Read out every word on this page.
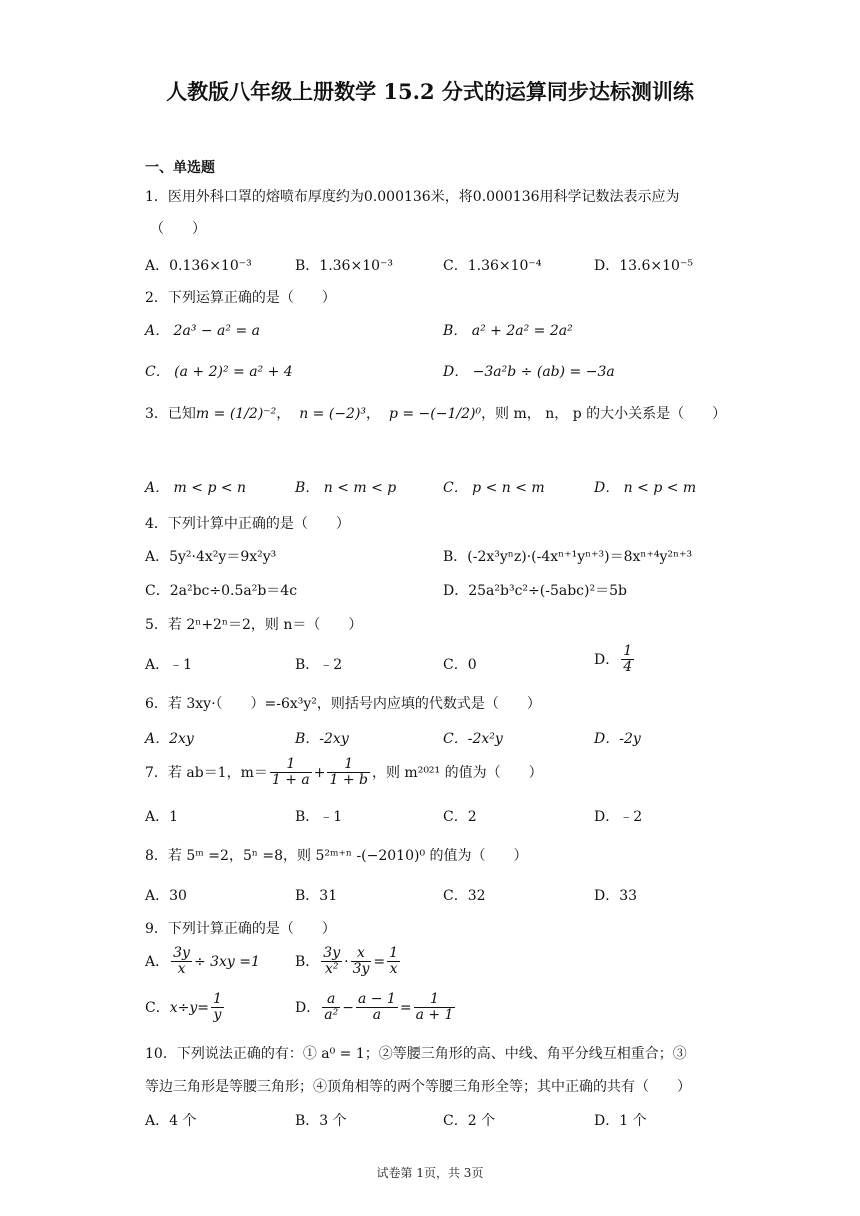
人教版八年级上册数学 15.2 分式的运算同步达标测训练
一、单选题
1．医用外科口罩的熔喷布厚度约为0.000136米，将0.000136用科学记数法表示应为
（　　）
A．0.136×10⁻³	B．1.36×10⁻³	C．1.36×10⁻⁴	D．13.6×10⁻⁵
2．下列运算正确的是（　　）
A． 2a³ − a² = a	B． a² + 2a² = 2a²
C． (a + 2)² = a² + 4	D． −3a²b ÷ (ab) = −3a
3．已知m = (1/2)⁻²，  n = (−2)³，  p = −(−1/2)⁰，则 m， n， p 的大小关系是（　　）
A． m < p < n	B． n < m < p	C． p < n < m	D． n < p < m
4．下列计算中正确的是（　　）
A．5y²·4x²y＝9x²y³	B．(-2x³yⁿz)·(-4xⁿ⁺¹yⁿ⁺³)＝8xⁿ⁺⁴y²ⁿ⁺³
C．2a²bc÷0.5a²b＝4c	D．25a²b³c²÷(-5abc)²＝5b
5．若 2ⁿ+2ⁿ＝2，则 n＝（　　）
A．﹣1	B．﹣2	C．0	D． $\frac{1}{4}$
6．若 3xy·（　　）=-6x³y²，则括号内应填的代数式是（　　）
A．2xy	B．-2xy	C．-2x²y	D．-2y
7．若 ab＝1，$m= \frac{1}{1 + a} + \frac{1}{1 + b}$ ，则 m²⁰²¹ 的值为（　　）
A．1	B．﹣1	C．2	D．﹣2
8．若 5ᵐ =2，5ⁿ =8，则 5²ᵐ⁺ⁿ -(−2010)⁰ 的值为（　　）
A．30	B．31	C．32	D．33
9．下列计算正确的是（　　）
A． $\frac{3y}{x} \div 3xy =1$	B． $\frac{3y}{\text{x²}} \cdot \frac{x}{3y} = \frac{1}{x}$
C．$x\div y= \frac{1}{y}$	D． $\frac{a}{\text{a²}} - \frac{a - 1}{a} = \frac{1}{a + 1}$
10．下列说法正确的有：① a⁰ = 1；②等腰三角形的高、中线、角平分线互相重合；③
等边三角形是等腰三角形；④顶角相等的两个等腰三角形全等；其中正确的共有（　　）
A．4 个	B．3 个	C．2 个	D．1 个
试卷第 1页，共 3页
